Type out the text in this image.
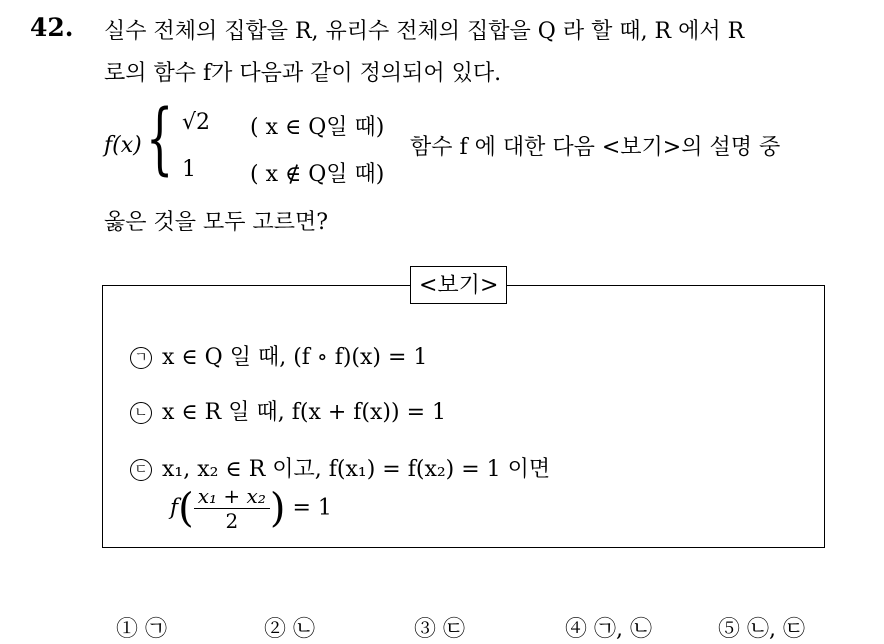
42. 실수 전체의 집합을 R, 유리수 전체의 집합을 Q 라 할 때, R 에서 R
로의 함수 f가 다음과 같이 정의되어 있다.
f(x) { √2 ( x ∈ Q일 때)
1 ( x ∉ Q일 때)
함수 f 에 대한 다음 <보기>의 설명 중
옳은 것을 모두 고르면?
<보기>
ㄱ x ∈ Q 일 때, (f ∘ f)(x) = 1
ㄴ x ∈ R 일 때, f(x + f(x)) = 1
ㄷ x₁, x₂ ∈ R 이고, f(x₁) = f(x₂) = 1 이면
$f( \frac{\text{x₁ + x₂}}{2}$ ) = 1
① ㉠	② ㉡	③ ㉢	④ ㉠, ㉡	⑤ ㉡, ㉢
